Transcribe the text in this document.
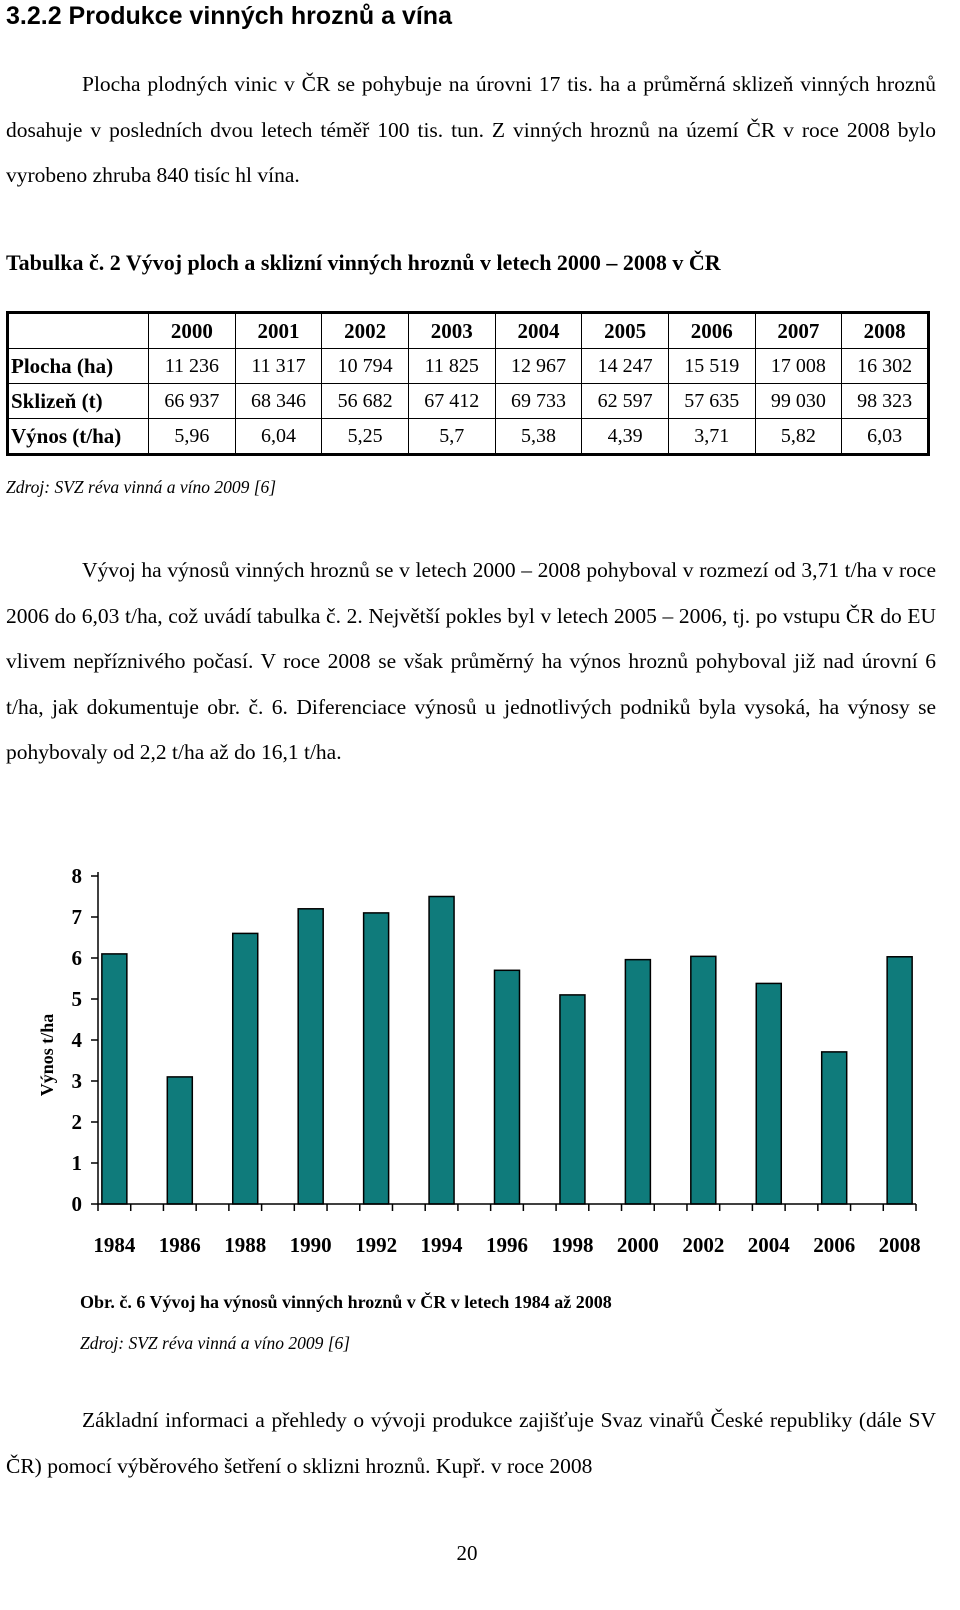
3.2.2 Produkce vinných hroznů a vína

Plocha plodných vinic v ČR se pohybuje na úrovni 17 tis. ha a průměrná sklizeň vinných hroznů dosahuje v posledních dvou letech téměř 100 tis. tun. Z vinných hroznů na území ČR v roce 2008 bylo vyrobeno zhruba 840 tisíc hl vína.

Tabulka č. 2 Vývoj ploch a sklizní vinných hroznů v letech 2000 – 2008 v ČR

	2000	2001	2002	2003	2004	2005	2006	2007	2008
Plocha (ha)	11 236	11 317	10 794	11 825	12 967	14 247	15 519	17 008	16 302
Sklizeň (t)	66 937	68 346	56 682	67 412	69 733	62 597	57 635	99 030	98 323
Výnos (t/ha)	5,96	6,04	5,25	5,7	5,38	4,39	3,71	5,82	6,03

Zdroj: SVZ réva vinná a víno 2009 [6]

Vývoj ha výnosů vinných hroznů se v letech 2000 – 2008 pohyboval v rozmezí od 3,71 t/ha v roce 2006 do 6,03 t/ha, což uvádí tabulka č. 2. Největší pokles byl v letech 2005 – 2006, tj. po vstupu ČR do EU vlivem nepříznivého počasí. V roce 2008 se však průměrný ha výnos hroznů pohyboval již nad úrovní 6 t/ha, jak dokumentuje obr. č. 6. Diferenciace výnosů u jednotlivých podniků byla vysoká, ha výnosy se pohybovaly od 2,2 t/ha až do 16,1 t/ha.

0
1
2
3
4
5
6
7
8
1984 1986 1988 1990 1992 1994 1996 1998 2000 2002 2004 2006 2008
Výnos t/ha

Obr. č. 6 Vývoj ha výnosů vinných hroznů v ČR v letech 1984 až 2008

Zdroj: SVZ réva vinná a víno 2009 [6]

Základní informaci a přehledy o vývoji produkce zajišťuje Svaz vinařů České republiky (dále SV ČR) pomocí výběrového šetření o sklizni hroznů. Kupř. v roce 2008

20
